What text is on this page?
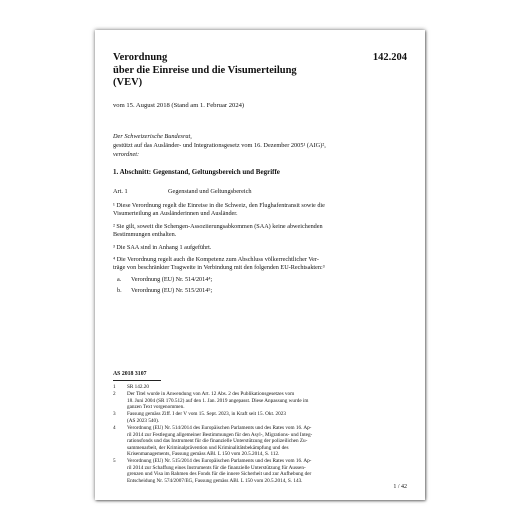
Verordnung
über die Einreise und die Visumerteilung
(VEV)
142.204
vom 15. August 2018 (Stand am 1. Februar 2024)
Der Schweizerische Bundesrat,
gestützt auf das Ausländer- und Integrationsgesetz vom 16. Dezember 2005¹ (AIG)²,
verordnet:
1. Abschnitt: Gegenstand, Geltungsbereich und Begriffe
Art. 1	Gegenstand und Geltungsbereich
¹ Diese Verordnung regelt die Einreise in die Schweiz, den Flughafentransit sowie die
Visumerteilung an Ausländerinnen und Ausländer.
² Sie gilt, soweit die Schengen-Assoziierungsabkommen (SAA) keine abweichenden
Bestimmungen enthalten.
³ Die SAA sind in Anhang 1 aufgeführt.
⁴ Die Verordnung regelt auch die Kompetenz zum Abschluss völkerrechtlicher Ver-
träge von beschränkter Tragweite in Verbindung mit den folgenden EU-Rechtsakten:³
a. Verordnung (EU) Nr. 514/2014⁴;
b. Verordnung (EU) Nr. 515/2014⁵;
AS 2018 3107
1	SR 142.20
2	Der Titel wurde in Anwendung von Art. 12 Abs. 2 des Publikationsgesetzes vom
18. Juni 2004 (SR 170.512) auf den 1. Jan. 2019 angepasst. Diese Anpassung wurde im
ganzen Text vorgenommen.
3	Fassung gemäss Ziff. I der V vom 15. Sept. 2023, in Kraft seit 15. Okt. 2023
(AS 2023 540).
4	Verordnung (EU) Nr. 514/2014 des Europäischen Parlaments und des Rates vom 16. Ap-
ril 2014 zur Festlegung allgemeiner Bestimmungen für den Asyl-, Migrations- und Integ-
rationsfonds und das Instrument für die finanzielle Unterstützung der polizeilichen Zu-
sammenarbeit, der Kriminalprävention und Kriminalitätsbekämpfung und des
Krisenmanagements, Fassung gemäss ABl. L 150 vom 20.5.2014, S. 112.
5	Verordnung (EU) Nr. 515/2014 des Europäischen Parlaments und des Rates vom 16. Ap-
ril 2014 zur Schaffung eines Instruments für die finanzielle Unterstützung für Aussen-
grenzen und Visa im Rahmen des Fonds für die innere Sicherheit und zur Aufhebung der
Entscheidung Nr. 574/2007/EG, Fassung gemäss ABl. L 150 vom 20.5.2014, S. 143.
1 / 42
